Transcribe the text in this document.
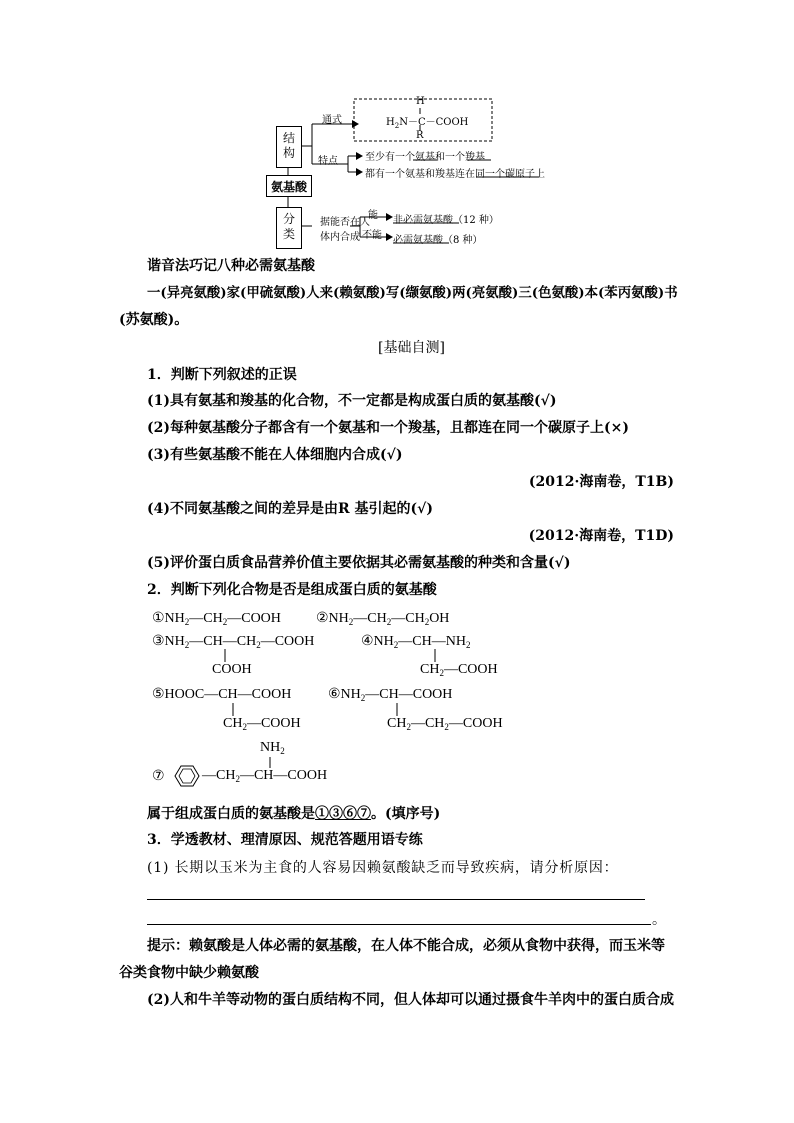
结构
氨基酸
分类
通式
H
$H_2N-C-COOH$
R
特点	至少有一个氨基和一个羧基
都有一个氨基和羧基连在同一个碳原子上
据能否在人
体内合成
能
不能
非必需氨基酸（12 种）
必需氨基酸（8 种）
谐音法巧记八种必需氨基酸
一(异亮氨酸)家(甲硫氨酸)人来(赖氨酸)写(缬氨酸)两(亮氨酸)三(色氨酸)本(苯丙氨酸)书
(苏氨酸)。
[基础自测]
1．判断下列叙述的正误
(1)具有氨基和羧基的化合物，不一定都是构成蛋白质的氨基酸(√)
(2)每种氨基酸分子都含有一个氨基和一个羧基，且都连在同一个碳原子上(×)
(3)有些氨基酸不能在人体细胞内合成(√)
(2012·海南卷，T1B)
(4)不同氨基酸之间的差异是由R 基引起的(√)
(2012·海南卷，T1D)
(5)评价蛋白质食品营养价值主要依据其必需氨基酸的种类和含量(√)
2．判断下列化合物是否是组成蛋白质的氨基酸
$①NH_2—CH_2—COOH$	$②NH_2—CH_2—CH_2OH$
$③NH_2—CH—CH_2—COOH$
COOH
$④NH_2—CH—NH_2$
$CH_2—COOH$
⑤HOOC—CH—COOH
$CH_2—COOH$
$⑥NH_2—CH—COOH$
$CH_2—CH_2—COOH$
$NH_2$
⑦	$—CH_2—CH—COOH$
属于组成蛋白质的氨基酸是①③⑥⑦。(填序号)
3．学透教材、理清原因、规范答题用语专练
(1) 长期以玉米为主食的人容易因赖氨酸缺乏而导致疾病，请分析原因：
。
提示：赖氨酸是人体必需的氨基酸，在人体不能合成，必须从食物中获得，而玉米等
谷类食物中缺少赖氨酸
(2)人和牛羊等动物的蛋白质结构不同，但人体却可以通过摄食牛羊肉中的蛋白质合成
